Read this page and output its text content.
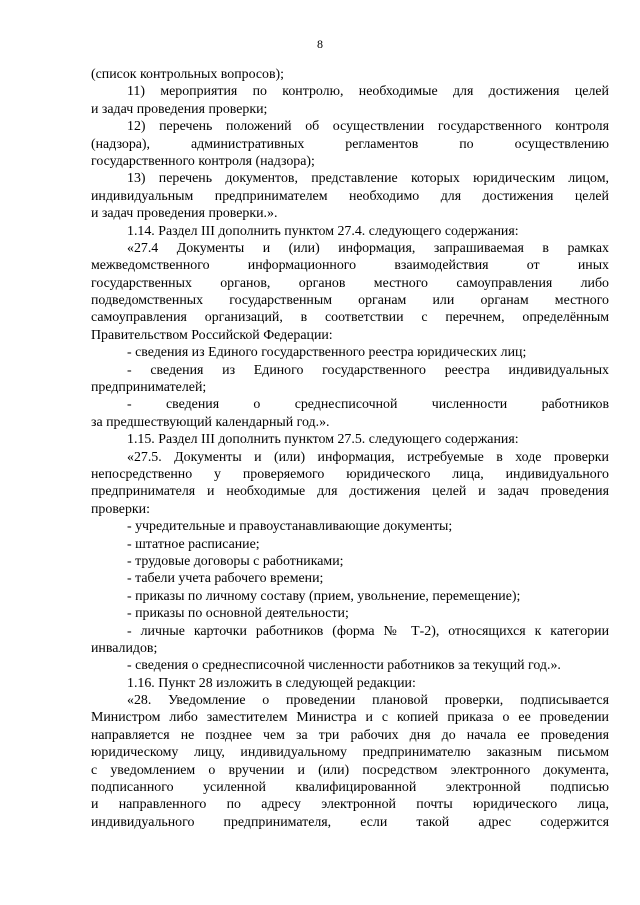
8
(список контрольных вопросов);
11) мероприятия по контролю, необходимые для достижения целей
и задач проведения проверки;
12) перечень положений об осуществлении государственного контроля
(надзора), административных регламентов по осуществлению
государственного контроля (надзора);
13) перечень документов, представление которых юридическим лицом,
индивидуальным предпринимателем необходимо для достижения целей
и задач проведения проверки.».
1.14. Раздел III дополнить пунктом 27.4. следующего содержания:
«27.4 Документы и (или) информация, запрашиваемая в рамках
межведомственного информационного взаимодействия от иных
государственных органов, органов местного самоуправления либо
подведомственных государственным органам или органам местного
самоуправления организаций, в соответствии с перечнем, определённым
Правительством Российской Федерации:
- сведения из Единого государственного реестра юридических лиц;
- сведения из Единого государственного реестра индивидуальных
предпринимателей;
- сведения о среднесписочной численности работников
за предшествующий календарный год.».
1.15. Раздел III дополнить пунктом 27.5. следующего содержания:
«27.5. Документы и (или) информация, истребуемые в ходе проверки
непосредственно у проверяемого юридического лица, индивидуального
предпринимателя и необходимые для достижения целей и задач проведения
проверки:
- учредительные и правоустанавливающие документы;
- штатное расписание;
- трудовые договоры с работниками;
- табели учета рабочего времени;
- приказы по личному составу (прием, увольнение, перемещение);
- приказы по основной деятельности;
- личные карточки работников (форма № Т-2), относящихся к категории
инвалидов;
- сведения о среднесписочной численности работников за текущий год.».
1.16. Пункт 28 изложить в следующей редакции:
«28. Уведомление о проведении плановой проверки, подписывается
Министром либо заместителем Министра и с копией приказа о ее проведении
направляется не позднее чем за три рабочих дня до начала ее проведения
юридическому лицу, индивидуальному предпринимателю заказным письмом
с уведомлением о вручении и (или) посредством электронного документа,
подписанного усиленной квалифицированной электронной подписью
и направленного по адресу электронной почты юридического лица,
индивидуального предпринимателя, если такой адрес содержится
